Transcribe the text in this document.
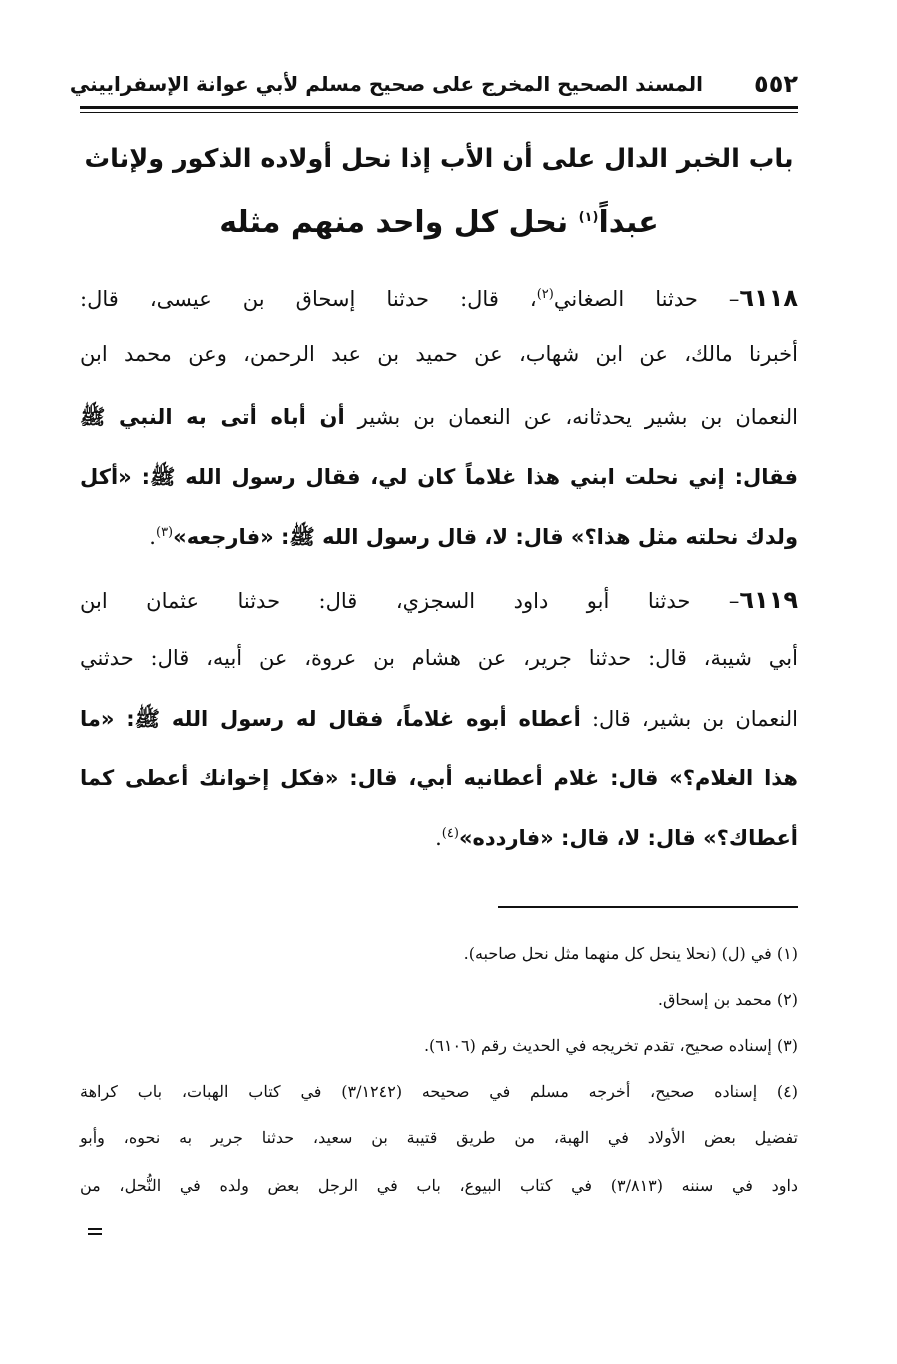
المسند الصحيح المخرج على صحيح مسلم لأبي عوانة الإسفراييني ٥٥٢
باب الخبر الدال على أن الأب إذا نحل أولاده الذكور ولإناث
عبداً$^{(١)}$ نحل كل واحد منهم مثله
٦١١٨– حدثنا الصغاني$^{(٢)}$، قال: حدثنا إسحاق بن عيسى، قال:
أخبرنا مالك، عن ابن شهاب، عن حميد بن عبد الرحمن، وعن محمد ابن
النعمان بن بشير يحدثانه، عن النعمان بن بشير أن أباه أتى به النبي ﷺ
فقال: إني نحلت ابني هذا غلاماً كان لي، فقال رسول الله ﷺ: «أكل
ولدك نحلته مثل هذا؟» قال: لا، قال رسول الله ﷺ: «فارجعه»$^{(٣)}$.
٦١١٩– حدثنا أبو داود السجزي، قال: حدثنا عثمان ابن
أبي شيبة، قال: حدثنا جرير، عن هشام بن عروة، عن أبيه، قال: حدثني
النعمان بن بشير، قال: أعطاه أبوه غلاماً، فقال له رسول الله ﷺ: «ما
هذا الغلام؟» قال: غلام أعطانيه أبي، قال: «فكل إخوانك أعطى كما
أعطاك؟» قال: لا، قال: «فاردده»$^{(٤)}$.
(١) في (ل) (نحلا ينحل كل منهما مثل نحل صاحبه).
(٢) محمد بن إسحاق.
(٣) إسناده صحيح، تقدم تخريجه في الحديث رقم (٦١٠٦).
(٤) إسناده صحيح، أخرجه مسلم في صحيحه (٣/١٢٤٢) في كتاب الهبات، باب كراهة
تفضيل بعض الأولاد في الهبة، من طريق قتيبة بن سعيد، حدثنا جرير به نحوه، وأبو
داود في سننه (٣/٨١٣) في كتاب البيوع، باب في الرجل بعض ولده في النُّحل، من
